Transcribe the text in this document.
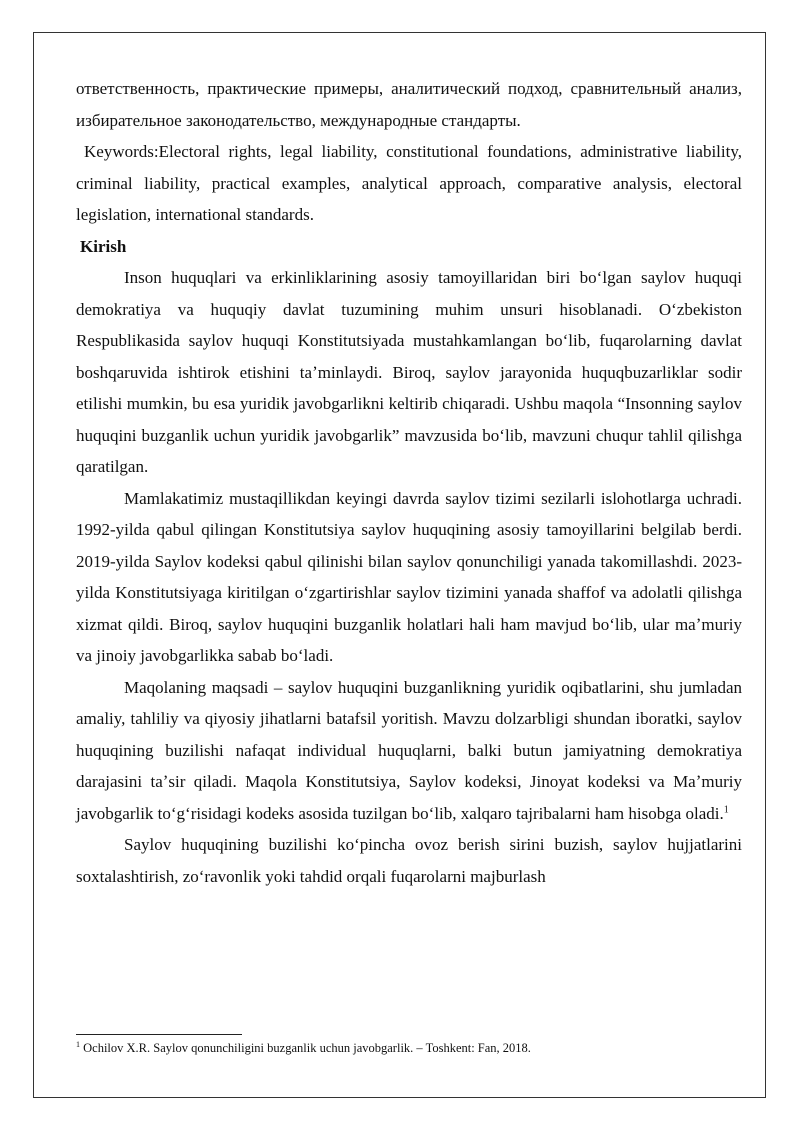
ответственность, практические примеры, аналитический подход, сравнительный анализ, избирательное законодательство, международные стандарты.

Keywords:Electoral rights, legal liability, constitutional foundations, administrative liability, criminal liability, practical examples, analytical approach, comparative analysis, electoral legislation, international standards.

Kirish

Inson huquqlari va erkinliklarining asosiy tamoyillaridan biri boʻlgan saylov huquqi demokratiya va huquqiy davlat tuzumining muhim unsuri hisoblanadi. Oʻzbekiston Respublikasida saylov huquqi Konstitutsiyada mustahkamlangan boʻlib, fuqarolarning davlat boshqaruvida ishtirok etishini taʼminlaydi. Biroq, saylov jarayonida huquqbuzarliklar sodir etilishi mumkin, bu esa yuridik javobgarlikni keltirib chiqaradi. Ushbu maqola “Insonning saylov huquqini buzganlik uchun yuridik javobgarlik” mavzusida boʻlib, mavzuni chuqur tahlil qilishga qaratilgan.

Mamlakatimiz mustaqillikdan keyingi davrda saylov tizimi sezilarli islohotlarga uchradi. 1992-yilda qabul qilingan Konstitutsiya saylov huquqining asosiy tamoyillarini belgilab berdi. 2019-yilda Saylov kodeksi qabul qilinishi bilan saylov qonunchiligi yanada takomillashdi. 2023-yilda Konstitutsiyaga kiritilgan oʻzgartirishlar saylov tizimini yanada shaffof va adolatli qilishga xizmat qildi. Biroq, saylov huquqini buzganlik holatlari hali ham mavjud boʻlib, ular maʼmuriy va jinoiy javobgarlikka sabab boʻladi.

Maqolaning maqsadi – saylov huquqini buzganlikning yuridik oqibatlarini, shu jumladan amaliy, tahliliy va qiyosiy jihatlarni batafsil yoritish. Mavzu dolzarbligi shundan iboratki, saylov huquqining buzilishi nafaqat individual huquqlarni, balki butun jamiyatning demokratiya darajasini taʼsir qiladi. Maqola Konstitutsiya, Saylov kodeksi, Jinoyat kodeksi va Maʼmuriy javobgarlik toʻgʻrisidagi kodeks asosida tuzilgan boʻlib, xalqaro tajribalarni ham hisobga oladi.$^1$

Saylov huquqining buzilishi koʻpincha ovoz berish sirini buzish, saylov hujjatlarini soxtalashtirish, zoʻravonlik yoki tahdid orqali fuqarolarni majburlash

$^1$ Ochilov X.R. Saylov qonunchiligini buzganlik uchun javobgarlik. – Toshkent: Fan, 2018.
